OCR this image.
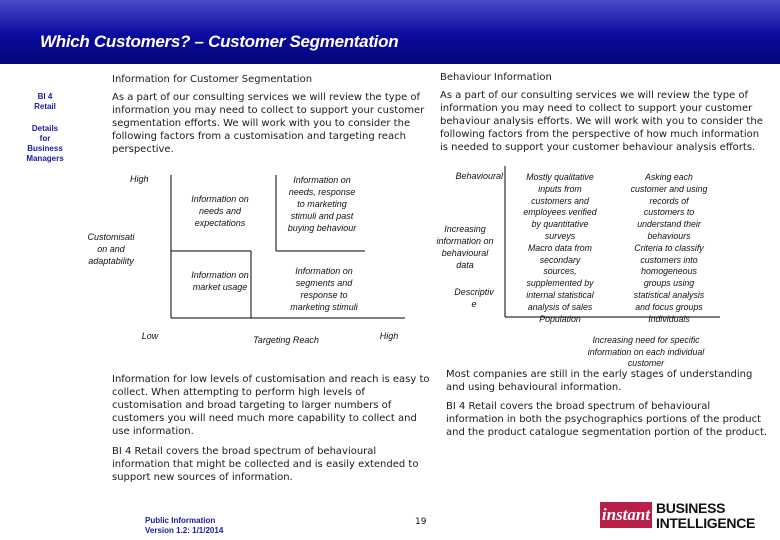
Which Customers? – Customer Segmentation
BI 4
Retail
Details
for
Business
Managers
Information for Customer Segmentation
As a part of our consulting services we will review the type of information you may need to collect to support your customer segmentation efforts. We will work with you to consider the following factors from a customisation and targeting reach perspective.
High
Customisati
on and
adaptability
Low	Targeting Reach	High
Information on
needs and
expectations
Information on
needs, response
to marketing
stimuli and past
buying behaviour
Information on
market usage
Information on
segments and
response to
marketing stimuli
Information for low levels of customisation and reach is easy to collect. When attempting to perform high levels of customisation and broad targeting to larger numbers of customers you will need much more capability to collect and use information.
BI 4 Retail covers the broad spectrum of behavioural information that might be collected and is easily extended to support new sources of information.
Behaviour Information
As a part of our consulting services we will review the type of information you may need to collect to support your customer behaviour analysis efforts. We will work with you to consider the following factors from the perspective of how much information is needed to support your customer behaviour analysis efforts.
Behavioural
Increasing
information on
behavioural
data
Descriptiv
e
Mostly qualitative
inputs from
customers and
employees verified
by quantitative
surveys
Macro data from
secondary
sources,
supplemented by
internal statistical
analysis of sales
Population
Asking each
customer and using
records of
customers to
understand their
behaviours
Criteria to classify
customers into
homogeneous
groups using
statistical analysis
and focus groups
Individuals
Increasing need for specific
information on each individual
customer
Most companies are still in the early stages of understanding and using behavioural information.
BI 4 Retail covers the broad spectrum of behavioural information in both the psychographics portions of the product and the product catalogue segmentation portion of the product.
Public Information
Version 1.2: 1/1/2014
19	instant BUSINESS
INTELLIGENCE
